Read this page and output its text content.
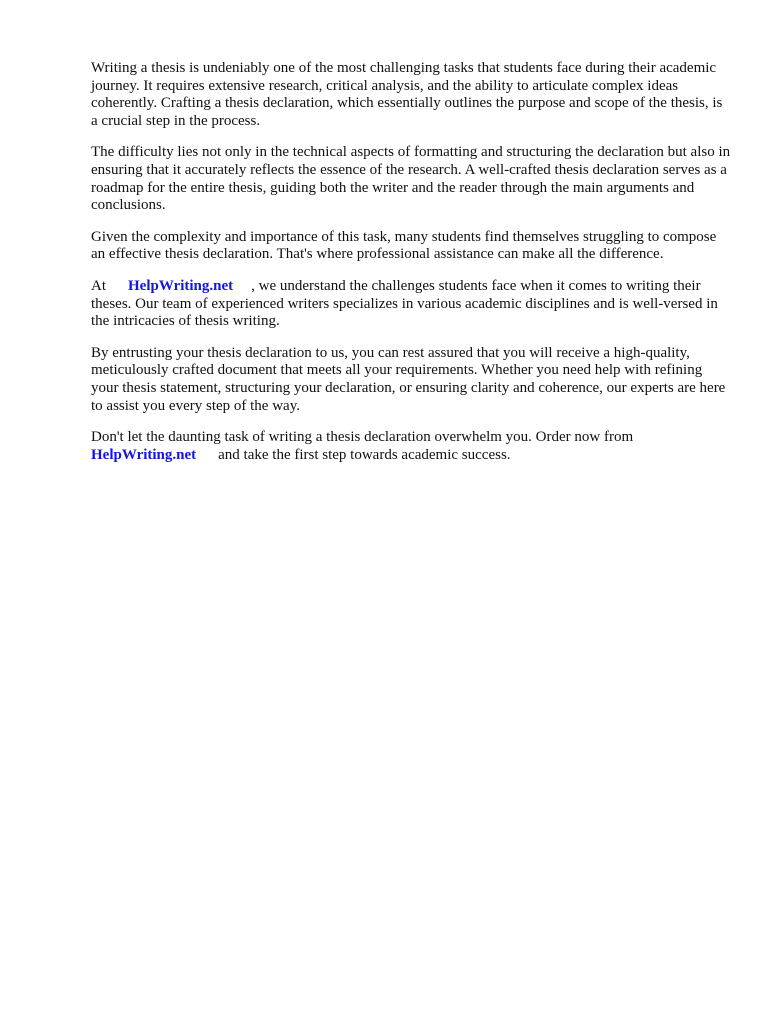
Writing a thesis is undeniably one of the most challenging tasks that students face during their academic journey. It requires extensive research, critical analysis, and the ability to articulate complex ideas coherently. Crafting a thesis declaration, which essentially outlines the purpose and scope of the thesis, is a crucial step in the process.

The difficulty lies not only in the technical aspects of formatting and structuring the declaration but also in ensuring that it accurately reflects the essence of the research. A well-crafted thesis declaration serves as a roadmap for the entire thesis, guiding both the writer and the reader through the main arguments and conclusions.

Given the complexity and importance of this task, many students find themselves struggling to compose an effective thesis declaration. That's where professional assistance can make all the difference.

At HelpWriting.net , we understand the challenges students face when it comes to writing their theses. Our team of experienced writers specializes in various academic disciplines and is well-versed in the intricacies of thesis writing.

By entrusting your thesis declaration to us, you can rest assured that you will receive a high-quality, meticulously crafted document that meets all your requirements. Whether you need help with refining your thesis statement, structuring your declaration, or ensuring clarity and coherence, our experts are here to assist you every step of the way.

Don't let the daunting task of writing a thesis declaration overwhelm you. Order now from HelpWriting.net and take the first step towards academic success.
